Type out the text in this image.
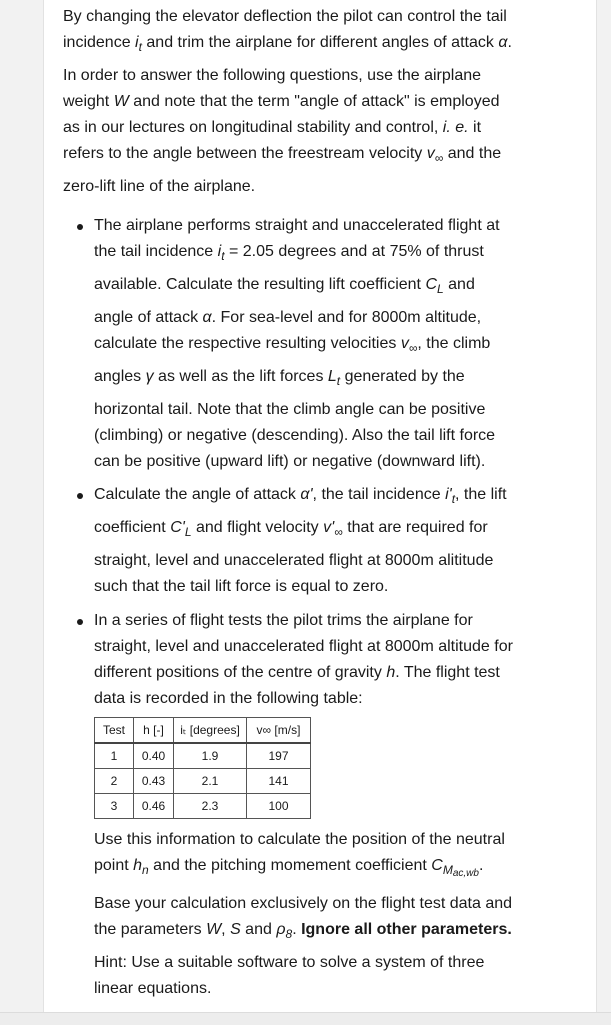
By changing the elevator deflection the pilot can control the tail
incidence $i_t$ and trim the airplane for different angles of attack α.
In order to answer the following questions, use the airplane
weight W and note that the term "angle of attack" is employed
as in our lectures on longitudinal stability and control, i. e. it
refers to the angle between the freestream velocity $v_\infty$ and the
zero-lift line of the airplane.
The airplane performs straight and unaccelerated flight at
the tail incidence $i_t = 2.05$ degrees and at 75% of thrust
available. Calculate the resulting lift coefficient $C_L$ and
angle of attack α. For sea-level and for 8000m altitude,
calculate the respective resulting velocities $v_\infty$, the climb
angles γ as well as the lift forces $L_t$ generated by the
horizontal tail. Note that the climb angle can be positive
(climbing) or negative (descending). Also the tail lift force
can be positive (upward lift) or negative (downward lift).
Calculate the angle of attack α', the tail incidence $i'_t$, the lift
coefficient $C'_L$ and flight velocity $v'_\infty$ that are required for
straight, level and unaccelerated flight at 8000m alititude
such that the tail lift force is equal to zero.
In a series of flight tests the pilot trims the airplane for
straight, level and unaccelerated flight at 8000m altitude for
different positions of the centre of gravity h. The flight test
data is recorded in the following table:
Test	h [-]	iₜ [degrees]	v∞ [m/s]
1	0.40	1.9	197
2	0.43	2.1	141
3	0.46	2.3	100
Use this information to calculate the position of the neutral
point $h_n$ and the pitching momement coefficient $C_{Mac,wb}$.
Base your calculation exclusively on the flight test data and
the parameters W, S and $\rho_8$. Ignore all other parameters.
Hint: Use a suitable software to solve a system of three
linear equations.
